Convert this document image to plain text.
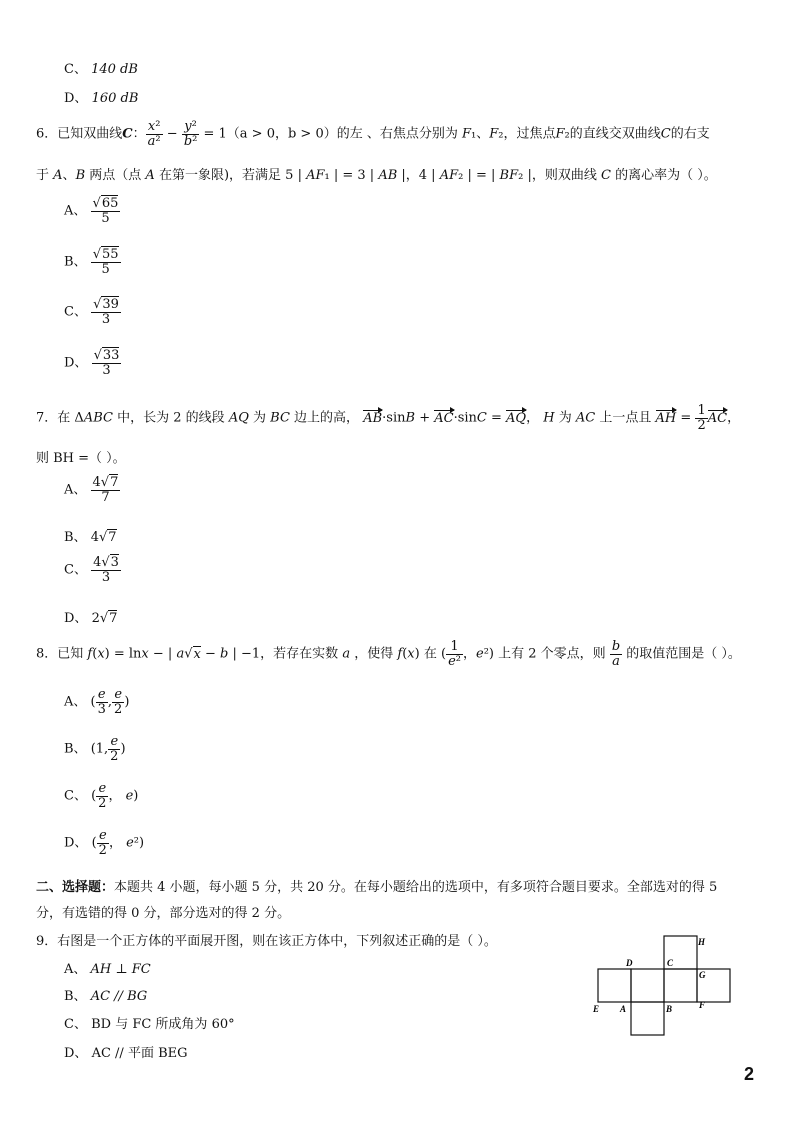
C、 140 dB
D、 160 dB
6．已知双曲线C： $\frac{\text{x²}}{\text{a²}} - \frac{\text{y²}}{\text{b²}} = 1(a > 0$，b > 0）的左 、右焦点分别为 F₁、F₂，过焦点F₂的直线交双曲线C的右支
于 A、B 两点（点 A 在第一象限)，若满足 5 | AF₁ | = 3 | AB |，4 | AF₂ | = | BF₂ |，则双曲线 C 的离心率为（ ）。
A、 $\frac{√65}{5}$
B、 $\frac{√55}{5}$
C、 $\frac{√39}{3}$
D、 $\frac{√33}{3}$
7．在 ΔABC 中，长为 2 的线段 AQ 为 BC 边上的高， AB·sinB + AC·sinC = AQ， H 为 AC 上一点且 AH = $\frac{1}{2}$ AC，
则 BH =（ ）。
A、 $\frac{4√7}{7}$
B、 4√7
C、 $\frac{4√3}{3}$
D、 2√7
8．已知 f(x) = lnx − | a√x − b | −1，若存在实数 a ，使得 f(x) 在 ( $\frac{1}{\text{e²}}$ ，e²) 上有 2 个零点，则 $\frac{b}{a}$ 的取值范围是（ ）。
A、 ( $\frac{e}{3}$ , $\frac{e}{2}$ )
B、 (1, $\frac{e}{2}$ )
C、 ( $\frac{e}{2}$ ， e)
D、 ( $\frac{e}{2}$ ， e²)
二、选择题：本题共 4 小题，每小题 5 分，共 20 分。在每小题给出的选项中，有多项符合题目要求。全部选对的得 5
分，有选错的得 0 分，部分选对的得 2 分。
9．右图是一个正方体的平面展开图，则在该正方体中，下列叙述正确的是（ ）。
A、 AH ⊥ FC
B、 AC // BG
C、 BD 与 FC 所成角为 60°
D、 AC // 平面 BEG
H
D	C
G
E A	B	F
2
